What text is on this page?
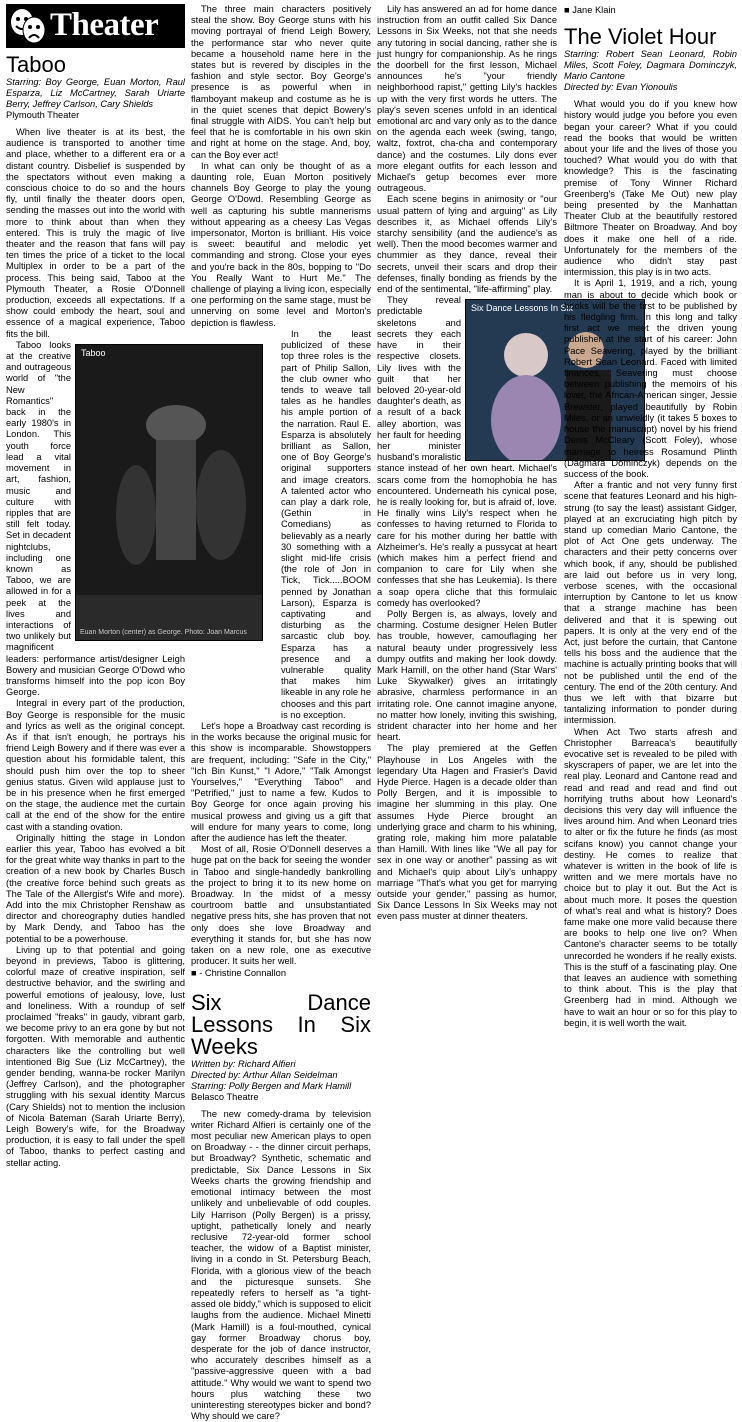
Theater
Taboo
Starring: Boy George, Euan Morton, Raul Esparza, Liz McCartney, Sarah Uriarte Berry, Jeffrey Carlson, Cary Shields
Plymouth Theater

When live theater is at its best, the audience is transported to another time and place, whether to a different era or a distant country. Disbelief is suspended by the spectators without even making a conscious choice to do so and the hours fly, until finally the theater doors open, sending the masses out into the world with more to think about than when they entered. This is truly the magic of live theater and the reason that fans will pay ten times the price of a ticket to the local Multiplex in order to be a part of the process. This being said, Taboo at the Plymouth Theater, a Rosie O'Donnell production, exceeds all expectations. If a show could embody the heart, soul and essence of a magical experience, Taboo fits the bill.

Taboo
Euan Morton (center) as George. Photo: Joan Marcus

Taboo looks at the creative and outrageous world of "the New Romantics" back in the early 1980's in London. This youth force lead a vital movement in art, fashion, music and culture with ripples that are still felt today. Set in decadent nightclubs, including one known as Taboo, we are allowed in for a peek at the lives and interactions of two unlikely but magnificent leaders: performance artist/designer Leigh Bowery and musician George O'Dowd who transforms himself into the pop icon Boy George.

Integral in every part of the production, Boy George is responsible for the music and lyrics as well as the original concept. As if that isn't enough, he portrays his friend Leigh Bowery and if there was ever a question about his formidable talent, this should push him over the top to sheer genius status. Given wild applause just to be in his presence when he first emerged on the stage, the audience met the curtain call at the end of the show for the entire cast with a standing ovation.

Originally hitting the stage in London earlier this year, Taboo has evolved a bit for the great white way thanks in part to the creation of a new book by Charles Busch (the creative force behind such greats as The Tale of the Allergist's Wife and more). Add into the mix Christopher Renshaw as director and choreography duties handled by Mark Dendy, and Taboo has the potential to be a powerhouse.

Living up to that potential and going beyond in previews, Taboo is glittering, colorful maze of creative inspiration, self destructive behavior, and the swirling and powerful emotions of jealousy, love, lust and loneliness. With a roundup of self proclaimed "freaks" in gaudy, vibrant garb, we become privy to an era gone by but not forgotten. With memorable and authentic characters like the controlling but well intentioned Big Sue (Liz McCartney), the gender bending, wanna-be rocker Marilyn (Jeffrey Carlson), and the photographer struggling with his sexual identity Marcus (Cary Shields) not to mention the inclusion of Nicola Bateman (Sarah Uriarte Berry), Leigh Bowery's wife, for the Broadway production, it is easy to fall under the spell of Taboo, thanks to perfect casting and stellar acting.

The three main characters positively steal the show. Boy George stuns with his moving portrayal of friend Leigh Bowery, the performance star who never quite became a household name here in the states but is revered by disciples in the fashion and style sector. Boy George's presence is as powerful when in flamboyant makeup and costume as he is in the quiet scenes that depict Bowery's final struggle with AIDS. You can't help but feel that he is comfortable in his own skin and right at home on the stage. And, boy, can the Boy ever act!

In what can only be thought of as a daunting role, Euan Morton positively channels Boy George to play the young George O'Dowd. Resembling George as well as capturing his subtle mannerisms without appearing as a cheesy Las Vegas impersonator, Morton is brilliant. His voice is sweet: beautiful and melodic yet commanding and strong. Close your eyes and you're back in the 80s, bopping to "Do You Really Want to Hurt Me." The challenge of playing a living icon, especially one performing on the same stage, must be unnerving on some level and Morton's depiction is flawless.

In the least publicized of these top three roles is the part of Philip Sallon, the club owner who tends to weave tall tales as he handles his ample portion of the narration. Raul E. Esparza is absolutely brilliant as Sallon, one of Boy George's original supporters and image creators. A talented actor who can play a dark role, (Gethin in Comedians) as believably as a nearly 30 something with a slight mid-life crisis (the role of Jon in Tick, Tick.....BOOM penned by Jonathan Larson), Esparza is captivating and disturbing as the sarcastic club boy. Esparza has a presence and a vulnerable quality that makes him likeable in any role he chooses and this part is no exception.

Let's hope a Broadway cast recording is in the works because the original music for this show is incomparable. Showstoppers are frequent, including: "Safe in the City," "Ich Bin Kunst," "I Adore," "Talk Amongst Yourselves," "Everything Taboo" and "Petrified," just to name a few. Kudos to Boy George for once again proving his musical prowess and giving us a gift that will endure for many years to come, long after the audience has left the theater.

Most of all, Rosie O'Donnell deserves a huge pat on the back for seeing the wonder in Taboo and single-handedly bankrolling the project to bring it to its new home on Broadway. In the midst of a messy courtroom battle and unsubstantiated negative press hits, she has proven that not only does she love Broadway and everything it stands for, but she has now taken on a new role, one as executive producer. It suits her well.

■ - Christine Connallon
Six Dance Lessons In Six Weeks
Written by: Richard Alfieri
Directed by: Arthur Allan Seidelman
Starring: Polly Bergen and Mark Hamill
Belasco Theatre

The new comedy-drama by television writer Richard Alfieri is certainly one of the most peculiar new American plays to open on Broadway - - the dinner circuit perhaps, but Broadway? Synthetic, schematic and predictable, Six Dance Lessons in Six Weeks charts the growing friendship and emotional intimacy between the most unlikely and unbelievable of odd couples. Lily Harrison (Polly Bergen) is a prissy, uptight, pathetically lonely and nearly reclusive 72-year-old former school teacher, the widow of a Baptist minister, living in a condo in St. Petersburg Beach, Florida, with a glorious view of the beach and the picturesque sunsets. She repeatedly refers to herself as "a tight-assed ole biddy," which is supposed to elicit laughs from the audience. Michael Minetti (Mark Hamill) is a foul-mouthed, cynical gay former Broadway chorus boy, desperate for the job of dance instructor, who accurately describes himself as a "passive-aggressive queen with a bad attitude." Why would we want to spend two hours plus watching these two uninteresting stereotypes bicker and bond? Why should we care?

Lily has answered an ad for home dance instruction from an outfit called Six Dance Lessons in Six Weeks, not that she needs any tutoring in social dancing, rather she is just hungry for companionship. As he rings the doorbell for the first lesson, Michael announces he's "your friendly neighborhood rapist," getting Lily's hackles up with the very first words he utters. The play's seven scenes unfold in an identical emotional arc and vary only as to the dance on the agenda each week (swing, tango, waltz, foxtrot, cha-cha and contemporary dance) and the costumes. Lily dons ever more elegant outfits for each lesson and Michael's getup becomes ever more outrageous.

Each scene begins in animosity or "our usual pattern of lying and arguing" as Lily describes it, as Michael offends Lily's starchy sensibility (and the audience's as well). Then the mood becomes warmer and chummier as they dance, reveal their secrets, unveil their scars and drop their defenses, finally bonding as friends by the end of the sentimental, "life-affirming" play.

Six Dance Lessons In Six

They reveal predictable skeletons and secrets they each have in their respective closets. Lily lives with the guilt that her beloved 20-year-old daughter's death, as a result of a back alley abortion, was her fault for heeding her minister husband's moralistic stance instead of her own heart. Michael's scars come from the homophobia he has encountered. Underneath his cynical pose, he is really looking for, but is afraid of, love. He finally wins Lily's respect when he confesses to having returned to Florida to care for his mother during her battle with Alzheimer's. He's really a pussycat at heart (which makes him a perfect friend and companion to care for Lily when she confesses that she has Leukemia). Is there a soap opera cliche that this formulaic comedy has overlooked?

Polly Bergen is, as always, lovely and charming. Costume designer Helen Butler has trouble, however, camouflaging her natural beauty under progressively less dumpy outfits and making her look dowdy. Mark Hamill, on the other hand (Star Wars' Luke Skywalker) gives an irritatingly abrasive, charmless performance in an irritating role. One cannot imagine anyone, no matter how lonely, inviting this swishing, strident character into her home and her heart.

The play premiered at the Geffen Playhouse in Los Angeles with the legendary Uta Hagen and Frasier's David Hyde Pierce. Hagen is a decade older than Polly Bergen, and it is impossible to imagine her slumming in this play. One assumes Hyde Pierce brought an underlying grace and charm to his whining, grating role, making him more palatable than Hamill. With lines like "We all pay for sex in one way or another" passing as wit and Michael's quip about Lily's unhappy marriage "That's what you get for marrying outside your gender," passing as humor, Six Dance Lessons In Six Weeks may not even pass muster at dinner theaters.

■ Jane Klain
The Violet Hour
Starring: Robert Sean Leonard, Robin Miles, Scott Foley, Dagmara Dominczyk, Mario Cantone
Directed by: Evan Yionoulis

What would you do if you knew how history would judge you before you even began your career? What if you could read the books that would be written about your life and the lives of those you touched? What would you do with that knowledge? This is the fascinating premise of Tony Winner Richard Greenberg's (Take Me Out) new play being presented by the Manhattan Theater Club at the beautifully restored Biltmore Theater on Broadway. And boy does it make one hell of a ride. Unfortunately for the members of the audience who didn't stay past intermission, this play is in two acts.

It is April 1, 1919, and a rich, young man is about to decide which book or books will be the first to be published by his fledgling firm. In this long and talky first act we meet the driven young publisher at the start of his career: John Pace Seavering, played by the brilliant Robert Sean Leonard. Faced with limited finances, Seavering must choose between publishing the memoirs of his lover, the African-American singer, Jessie Brewster, played beautifully by Robin Miles, or an unwieldly (it takes 5 boxes to house the manuscript) novel by his friend Denis McCleary (Scott Foley), whose marriage to heiress Rosamund Plinth (Dagmara Dominczyk) depends on the success of the book.

After a frantic and not very funny first scene that features Leonard and his high-strung (to say the least) assistant Gidger, played at an excruciating high pitch by stand up comedian Mario Cantone, the plot of Act One gets underway. The characters and their petty concerns over which book, if any, should be published are laid out before us in very long, verbose scenes, with the occasional interruption by Cantone to let us know that a strange machine has been delivered and that it is spewing out papers. It is only at the very end of the Act, just before the curtain, that Cantone tells his boss and the audience that the machine is actually printing books that will not be published until the end of the century. The end of the 20th century. And thus we left with that bizarre but tantalizing information to ponder during intermission.

When Act Two starts afresh and Christopher Barreaca's beautifully evocative set is revealed to be piled with skyscrapers of paper, we are let into the real play. Leonard and Cantone read and read and read and read and find out horrifying truths about how Leonard's decisions this very day will influence the lives around him. And when Leonard tries to alter or fix the future he finds (as most scifans know) you cannot change your destiny. He comes to realize that whatever is written in the book of life is written and we mere mortals have no choice but to play it out. But the Act is about much more. It poses the question of what's real and what is history? Does fame make one more valid because there are books to help one live on? When Cantone's character seems to be totally unrecorded he wonders if he really exists. This is the stuff of a fascinating play. One that leaves an audience with something to think about. This is the play that Greenberg had in mind. Although we have to wait an hour or so for this play to begin, it is well worth the wait.
